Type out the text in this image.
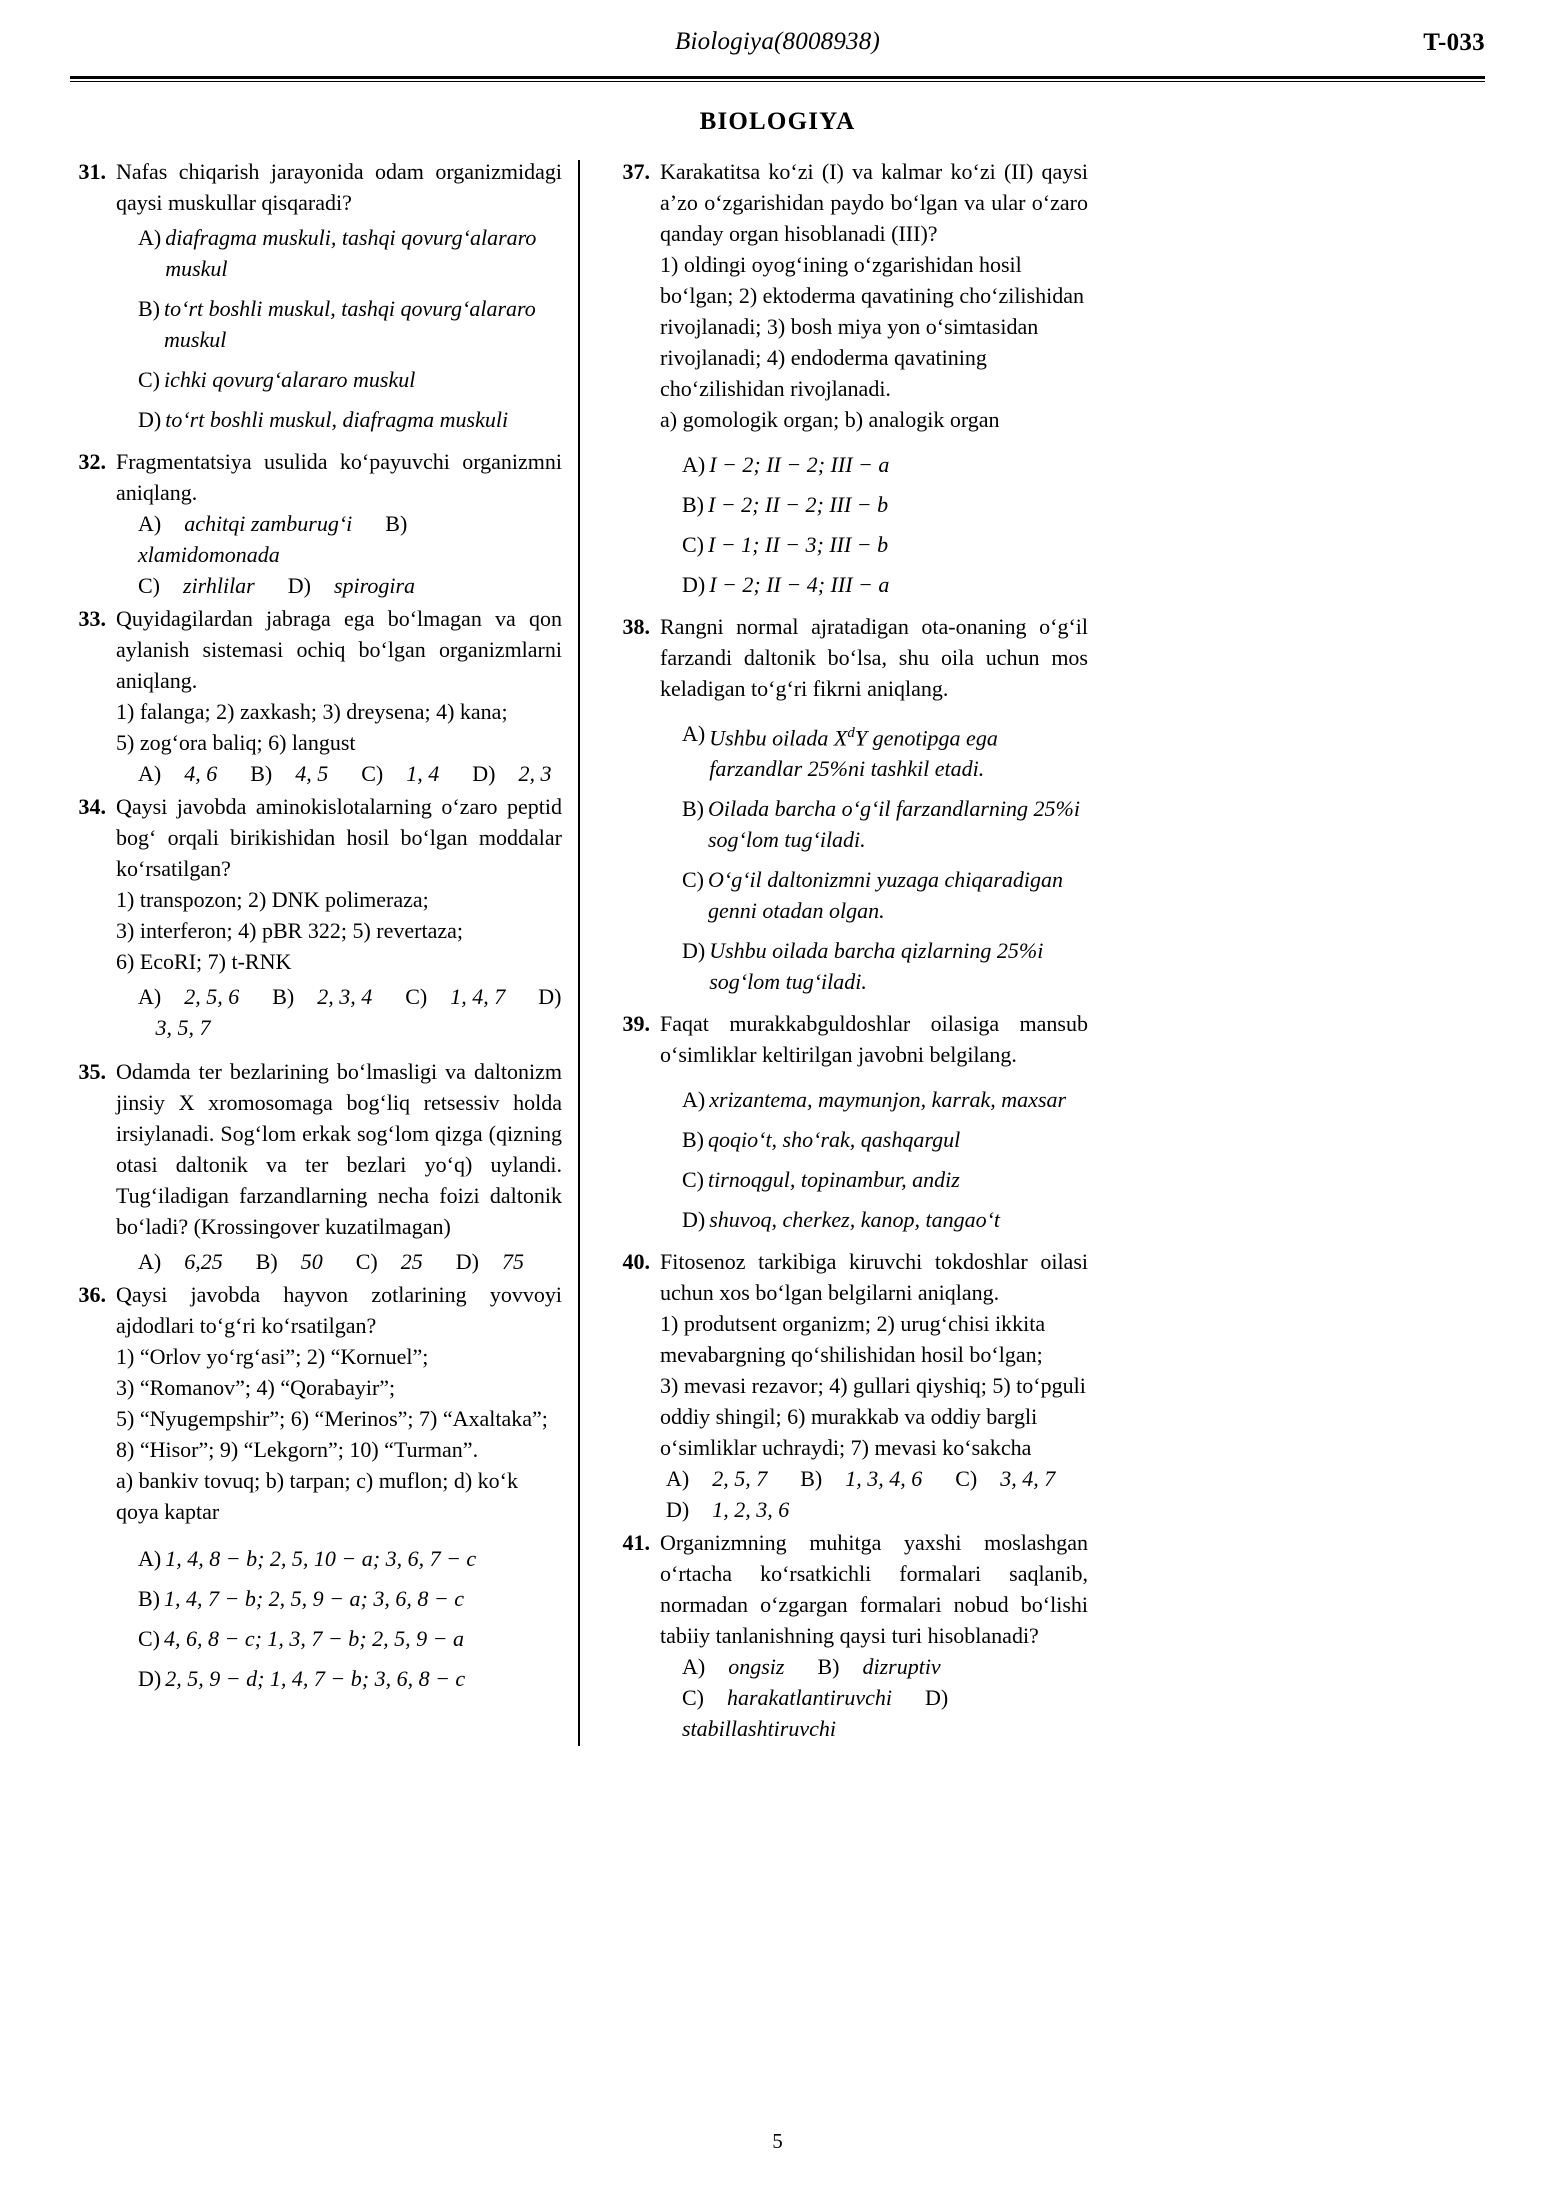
Biologiya(8008938)	T-033
BIOLOGIYA
31. Nafas chiqarish jarayonida odam organizmidagi qaysi muskullar qisqaradi?
A) diafragma muskuli, tashqi qovurg‘alararo muskul
B) to‘rt boshli muskul, tashqi qovurg‘alararo muskul
C) ichki qovurg‘alararo muskul
D) to‘rt boshli muskul, diafragma muskuli
32. Fragmentatsiya usulida ko‘payuvchi organizmni aniqlang.
A) achitqi zamburug‘i B)  xlamidomonada
C) zirhlilar D) spirogira
33. Quyidagilardan jabraga ega bo‘lmagan va qon aylanish sistemasi ochiq bo‘lgan organizmlarni aniqlang.
1) falanga; 2) zaxkash; 3) dreysena; 4) kana;
5) zog‘ora baliq; 6) langust
A) 4, 6 B) 4, 5 C) 1, 4 D) 2, 3
34. Qaysi javobda aminokislotalarning o‘zaro peptid bog‘ orqali birikishidan hosil bo‘lgan moddalar ko‘rsatilgan?
1) transpozon; 2) DNK polimeraza;
3) interferon; 4) pBR 322; 5) revertaza;
6) EcoRI; 7) t-RNK
A) 2, 5, 6 B) 2, 3, 4 C) 1, 4, 7 D)  3, 5, 7
35. Odamda ter bezlarining bo‘lmasligi va daltonizm jinsiy X xromosomaga bog‘liq retsessiv holda irsiylanadi. Sog‘lom erkak sog‘lom qizga (qizning otasi daltonik va ter bezlari yo‘q) uylandi. Tug‘iladigan farzandlarning necha foizi daltonik bo‘ladi? (Krossingover kuzatilmagan)
A) 6,25 B) 50 C) 25 D) 75
36. Qaysi javobda hayvon zotlarining yovvoyi ajdodlari to‘g‘ri ko‘rsatilgan?
1) “Orlov yo‘rg‘asi”; 2) “Kornuel”;
3) “Romanov”; 4) “Qorabayir”;
5) “Nyugempshir”; 6) “Merinos”; 7) “Axaltaka”;
8) “Hisor”; 9) “Lekgorn”; 10) “Turman”.
a) bankiv tovuq; b) tarpan; c) muflon; d) ko‘k qoya kaptar
A) 1, 4, 8 − b; 2, 5, 10 − a; 3, 6, 7 − c
B) 1, 4, 7 − b; 2, 5, 9 − a; 3, 6, 8 − c
C) 4, 6, 8 − c; 1, 3, 7 − b; 2, 5, 9 − a
D) 2, 5, 9 − d; 1, 4, 7 − b; 3, 6, 8 − c
37. Karakatitsa ko‘zi (I) va kalmar ko‘zi (II) qaysi a’zo o‘zgarishidan paydo bo‘lgan va ular o‘zaro qanday organ hisoblanadi (III)?
1) oldingi oyog‘ining o‘zgarishidan hosil
bo‘lgan; 2) ektoderma qavatining cho‘zilishidan
rivojlanadi; 3) bosh miya yon o‘simtasidan
rivojlanadi; 4) endoderma qavatining
cho‘zilishidan rivojlanadi.
a) gomologik organ; b) analogik organ
A) I − 2; II − 2; III − a
B) I − 2; II − 2; III − b
C) I − 1; II − 3; III − b
D) I − 2; II − 4; III − a
38. Rangni normal ajratadigan ota-onaning o‘g‘il farzandi daltonik bo‘lsa, shu oila uchun mos keladigan to‘g‘ri fikrni aniqlang.
A) Ushbu oilada $X^dY$ genotipga ega farzandlar 25%ni tashkil etadi.
B) Oilada barcha o‘g‘il farzandlarning 25%i sog‘lom tug‘iladi.
C) O‘g‘il daltonizmni yuzaga chiqaradigan genni otadan olgan.
D) Ushbu oilada barcha qizlarning 25%i sog‘lom tug‘iladi.
39. Faqat murakkabguldoshlar oilasiga mansub o‘simliklar keltirilgan javobni belgilang.
A) xrizantema, maymunjon, karrak, maxsar
B) qoqio‘t, sho‘rak, qashqargul
C) tirnoqgul, topinambur, andiz
D) shuvoq, cherkez, kanop, tangao‘t
40. Fitosenoz tarkibiga kiruvchi tokdoshlar oilasi uchun xos bo‘lgan belgilarni aniqlang.
1) produtsent organizm; 2) urug‘chisi ikkita
mevabargning qo‘shilishidan hosil bo‘lgan;
3) mevasi rezavor; 4) gullari qiyshiq; 5) to‘pguli
oddiy shingil; 6) murakkab va oddiy bargli
o‘simliklar uchraydi; 7) mevasi ko‘sakcha
A) 2, 5, 7 B) 1, 3, 4, 6 C) 3, 4, 7
D) 1, 2, 3, 6
41. Organizmning muhitga yaxshi moslashgan o‘rtacha ko‘rsatkichli formalari saqlanib, normadan o‘zgargan formalari nobud bo‘lishi tabiiy tanlanishning qaysi turi hisoblanadi?
A) ongsiz B) dizruptiv
C) harakatlantiruvchi D)  stabillashtiruvchi
5
